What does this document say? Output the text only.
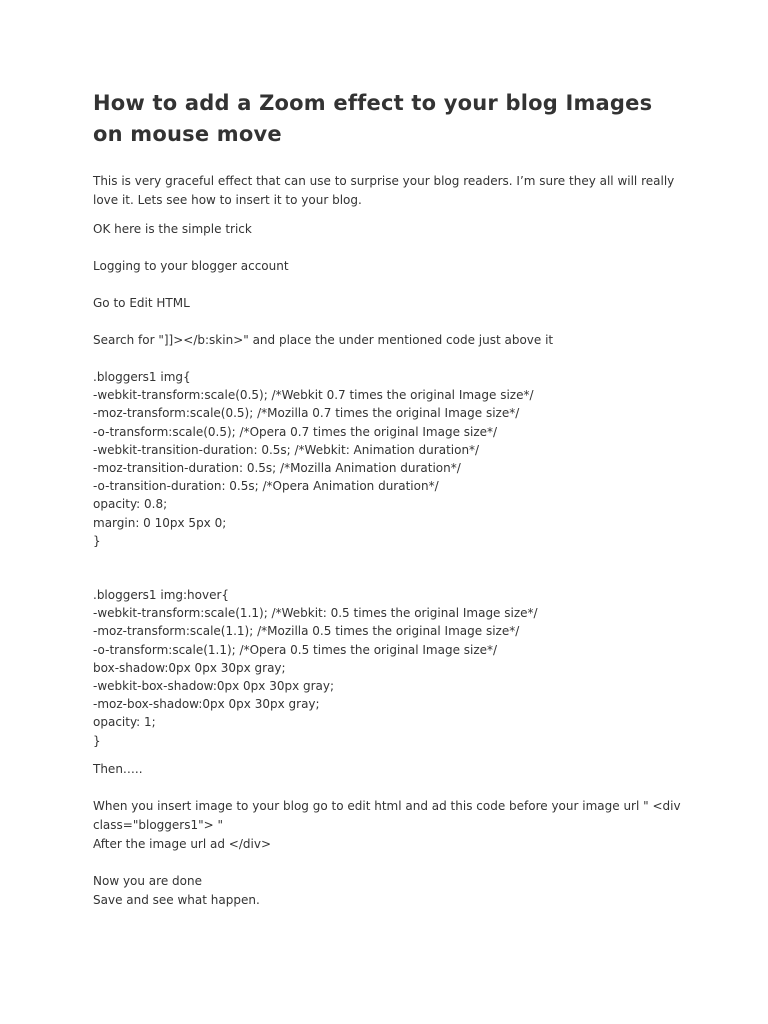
How to add a Zoom effect to your blog Images on mouse move

This is very graceful effect that can use to surprise your blog readers. I’m sure they all will really love it. Lets see how to insert it to your blog.

OK here is the simple trick

Logging to your blogger account

Go to Edit HTML

Search for "]]></b:skin>" and place the under mentioned code just above it

.bloggers1 img{

-webkit-transform:scale(0.5); /*Webkit 0.7 times the original Image size*/

-moz-transform:scale(0.5); /*Mozilla 0.7 times the original Image size*/

-o-transform:scale(0.5); /*Opera 0.7 times the original Image size*/

-webkit-transition-duration: 0.5s; /*Webkit: Animation duration*/

-moz-transition-duration: 0.5s; /*Mozilla Animation duration*/

-o-transition-duration: 0.5s; /*Opera Animation duration*/

opacity: 0.8;

margin: 0 10px 5px 0;

}

.bloggers1 img:hover{

-webkit-transform:scale(1.1); /*Webkit: 0.5 times the original Image size*/

-moz-transform:scale(1.1); /*Mozilla 0.5 times the original Image size*/

-o-transform:scale(1.1); /*Opera 0.5 times the original Image size*/

box-shadow:0px 0px 30px gray;

-webkit-box-shadow:0px 0px 30px gray;

-moz-box-shadow:0px 0px 30px gray;

opacity: 1;

}

Then…..

When you insert image to your blog go to edit html and ad this code before your image url " <div class="bloggers1"> "

After the image url ad </div>

Now you are done

Save and see what happen.
